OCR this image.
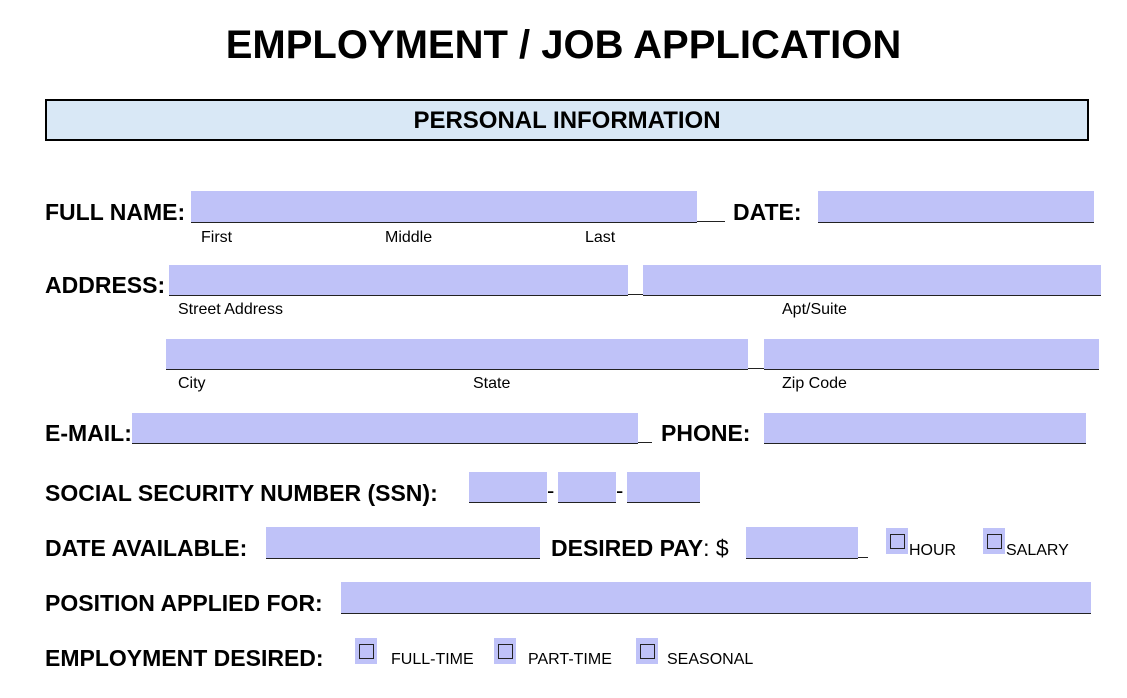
EMPLOYMENT / JOB APPLICATION
PERSONAL INFORMATION
FULL NAME:	DATE:
First	Middle	Last
ADDRESS:
Street Address	Apt/Suite
City	State	Zip Code
E-MAIL:	PHONE:
SOCIAL SECURITY NUMBER (SSN):	-	-
DATE AVAILABLE:	DESIRED PAY: $	HOUR	SALARY
POSITION APPLIED FOR:
EMPLOYMENT DESIRED:	FULL-TIME	PART-TIME	SEASONAL
